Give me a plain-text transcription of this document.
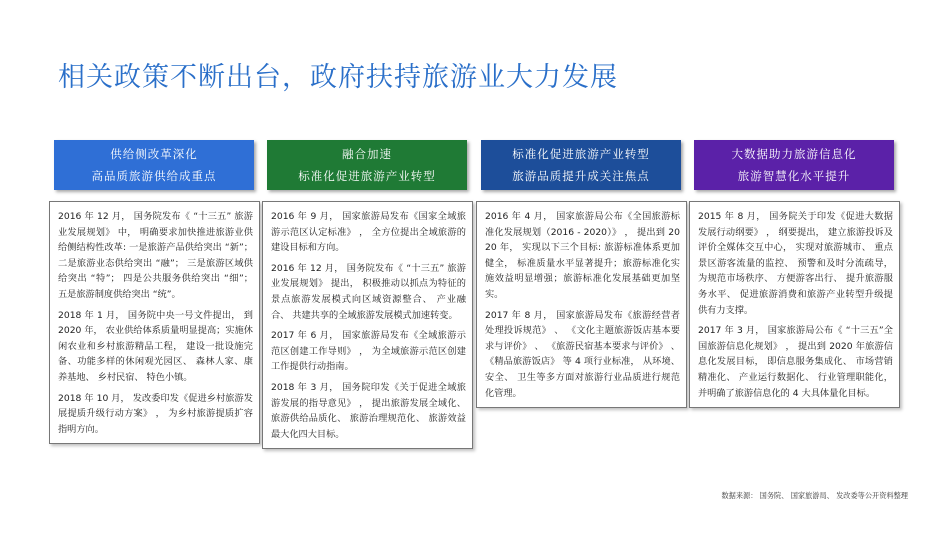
相关政策不断出台，政府扶持旅游业大力发展
供给侧改革深化
高品质旅游供给成重点

2016 年 12 月， 国务院发布《 “十三五” 旅游业发展规划》 中， 明确要求加快推进旅游业供给侧结构性改革: 一是旅游产品供给突出 “新”； 二是旅游业态供给突出 “融”； 三是旅游区域供给突出 “特”； 四是公共服务供给突出 “细”； 五是旅游制度供给突出 “统”。

2018 年 1 月， 国务院中央一号文件提出， 到 2020 年， 农业供给体系质量明显提高；实施休闲农业和乡村旅游精品工程， 建设一批设施完备、功能多样的休闲观光园区、 森林人家、康养基地、 乡村民宿、 特色小镇。

2018 年 10 月， 发改委印发《促进乡村旅游发展提质升级行动方案》 ， 为乡村旅游提质扩容指明方向。

融合加速
标准化促进旅游产业转型

2016 年 9 月， 国家旅游局发布《国家全域旅游示范区认定标准》 ， 全方位提出全域旅游的建设目标和方向。

2016 年 12 月， 国务院发布《 “十三五” 旅游业发展规划》 提出， 积极推动以抓点为特征的景点旅游发展模式向区域资源整合、 产业融合、 共建共享的全域旅游发展模式加速转变。

2017 年 6 月， 国家旅游局发布《全域旅游示范区创建工作导则》 ， 为全域旅游示范区创建工作提供行动指南。

2018 年 3 月， 国务院印发《关于促进全域旅游发展的指导意见》 ， 提出旅游发展全域化、 旅游供给品质化、 旅游治理规范化、 旅游效益最大化四大目标。

标准化促进旅游产业转型
旅游品质提升成关注焦点

2016 年 4 月， 国家旅游局公布《全国旅游标准化发展规划（2016 - 2020）》 ， 提出到 2020 年， 实现以下三个目标: 旅游标准体系更加健全， 标准质量水平显著提升；旅游标准化实施效益明显增强；旅游标准化发展基础更加坚实。

2017 年 8 月， 国家旅游局发布《旅游经营者处理投诉规范》 、 《文化主题旅游饭店基本要求与评价》 、 《旅游民宿基本要求与评价》 、 《精品旅游饭店》 等 4 项行业标准， 从环境、安全、 卫生等多方面对旅游行业品质进行规范化管理。

大数据助力旅游信息化
旅游智慧化水平提升

2015 年 8 月， 国务院关于印发《促进大数据发展行动纲要》 ， 纲要提出， 建立旅游投诉及评价全媒体交互中心， 实现对旅游城市、 重点景区游客流量的监控、 预警和及时分流疏导， 为规范市场秩序、 方便游客出行、 提升旅游服务水平、 促进旅游消费和旅游产业转型升级提供有力支撑。

2017 年 3 月， 国家旅游局公布《 “十三五”全国旅游信息化规划》 ， 提出到 2020 年旅游信息化发展目标， 即信息服务集成化、 市场营销精准化、 产业运行数据化、 行业管理职能化， 并明确了旅游信息化的 4 大具体量化目标。

数据来源： 国务院、 国家旅游局、 发改委等公开资料整理
